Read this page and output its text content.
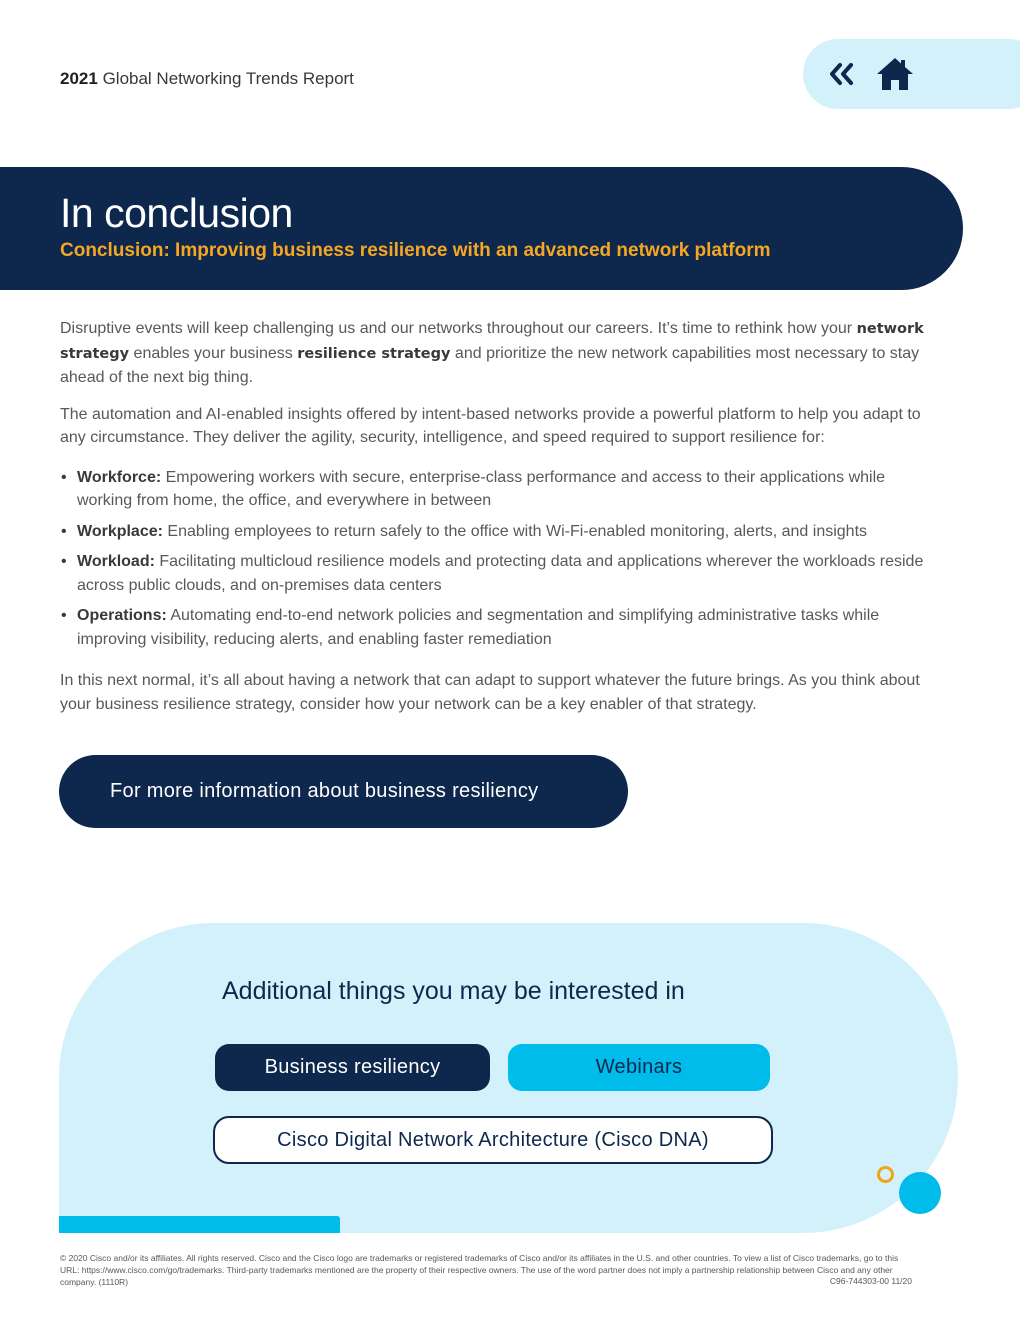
2021 Global Networking Trends Report
In conclusion
Conclusion: Improving business resilience with an advanced network platform

Disruptive events will keep challenging us and our networks throughout our careers. It’s time to rethink how your network strategy enables your business resilience strategy and prioritize the new network capabilities most necessary to stay ahead of the next big thing.

The automation and AI-enabled insights offered by intent-based networks provide a powerful platform to help you adapt to any circumstance. They deliver the agility, security, intelligence, and speed required to support resilience for:

• Workforce: Empowering workers with secure, enterprise-class performance and access to their applications while working from home, the office, and everywhere in between
• Workplace: Enabling employees to return safely to the office with Wi-Fi-enabled monitoring, alerts, and insights
• Workload: Facilitating multicloud resilience models and protecting data and applications wherever the workloads reside across public clouds, and on-premises data centers
• Operations: Automating end-to-end network policies and segmentation and simplifying administrative tasks while improving visibility, reducing alerts, and enabling faster remediation

In this next normal, it’s all about having a network that can adapt to support whatever the future brings. As you think about your business resilience strategy, consider how your network can be a key enabler of that strategy.

For more information about business resiliency
Additional things you may be interested in
Business resiliency	Webinars
Cisco Digital Network Architecture (Cisco DNA)
© 2020 Cisco and/or its affiliates. All rights reserved. Cisco and the Cisco logo are trademarks or registered trademarks of Cisco and/or its affiliates in the U.S. and other countries. To view a list of Cisco trademarks, go to this URL: https://www.cisco.com/go/trademarks. Third-party trademarks mentioned are the property of their respective owners. The use of the word partner does not imply a partnership relationship between Cisco and any other company. (1110R)	C96-744303-00 11/20
